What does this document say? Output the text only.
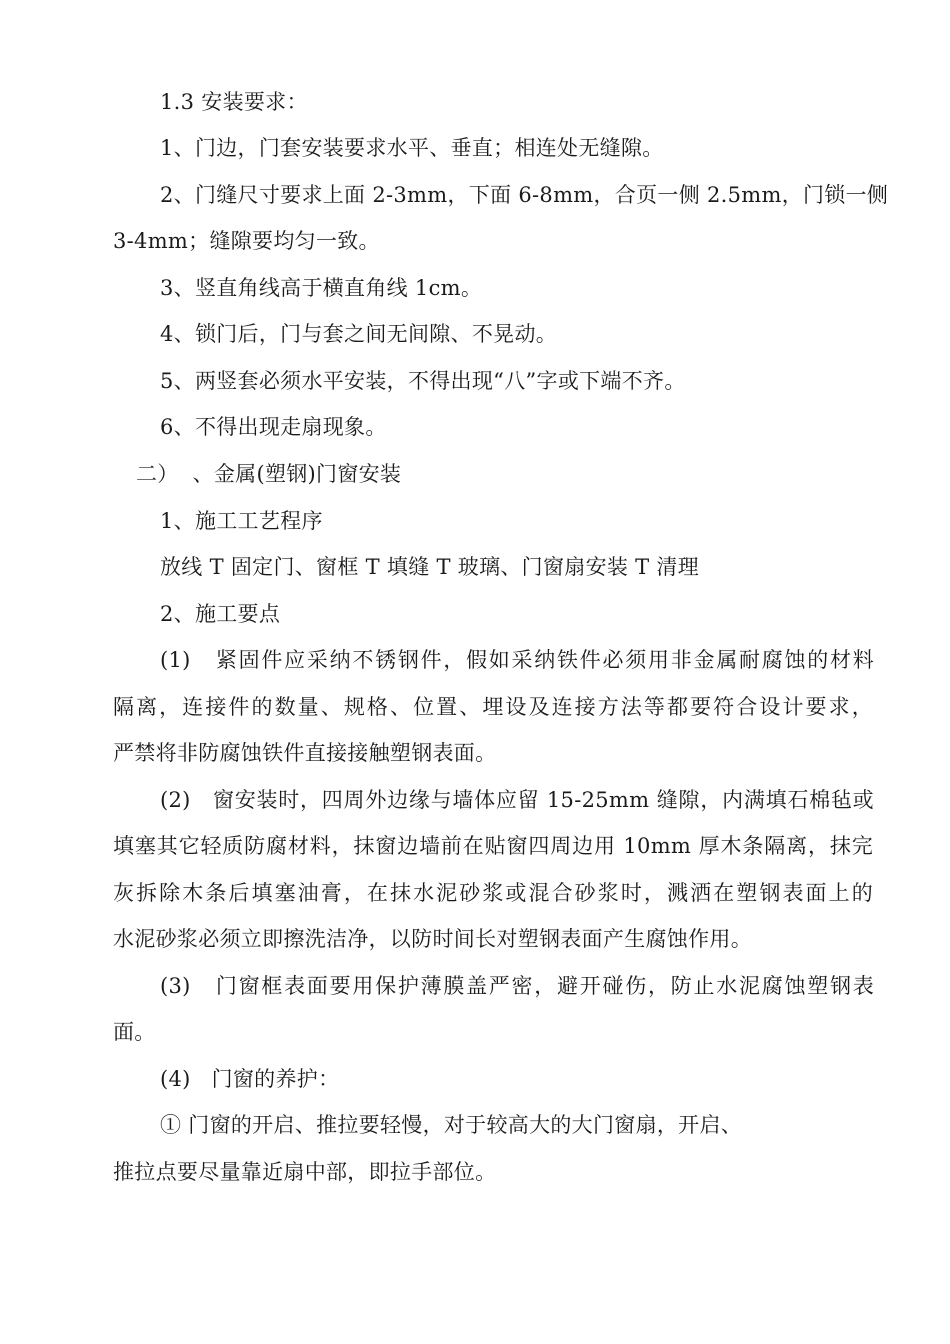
1.3 安装要求：
1、门边，门套安装要求水平、垂直；相连处无缝隙。
2、门缝尺寸要求上面 2-3mm，下面 6-8mm，合页一侧 2.5mm，门锁一侧
3-4mm；缝隙要均匀一致。
3、竖直角线高于横直角线 1cm。
4、锁门后，门与套之间无间隙、不晃动。
5、两竖套必须水平安装，不得出现“八”字或下端不齐。
6、不得出现走扇现象。
二）  、金属(塑钢)门窗安装
1、施工工艺程序
放线 T 固定门、窗框 T 填缝 T 玻璃、门窗扇安装 T 清理
2、施工要点
(1)   紧固件应采纳不锈钢件，假如采纳铁件必须用非金属耐腐蚀的材料
隔离，连接件的数量、规格、位置、埋设及连接方法等都要符合设计要求，
严禁将非防腐蚀铁件直接接触塑钢表面。
(2)   窗安装时，四周外边缘与墙体应留 15-25mm 缝隙，内满填石棉毡或
填塞其它轻质防腐材料，抹窗边墙前在贴窗四周边用 10mm 厚木条隔离，抹完
灰拆除木条后填塞油膏，在抹水泥砂浆或混合砂浆时，溅洒在塑钢表面上的
水泥砂浆必须立即擦洗洁净，以防时间长对塑钢表面产生腐蚀作用。
(3)   门窗框表面要用保护薄膜盖严密，避开碰伤，防止水泥腐蚀塑钢表
面。
(4)   门窗的养护：
① 门窗的开启、推拉要轻慢，对于较高大的大门窗扇，开启、
推拉点要尽量靠近扇中部，即拉手部位。
